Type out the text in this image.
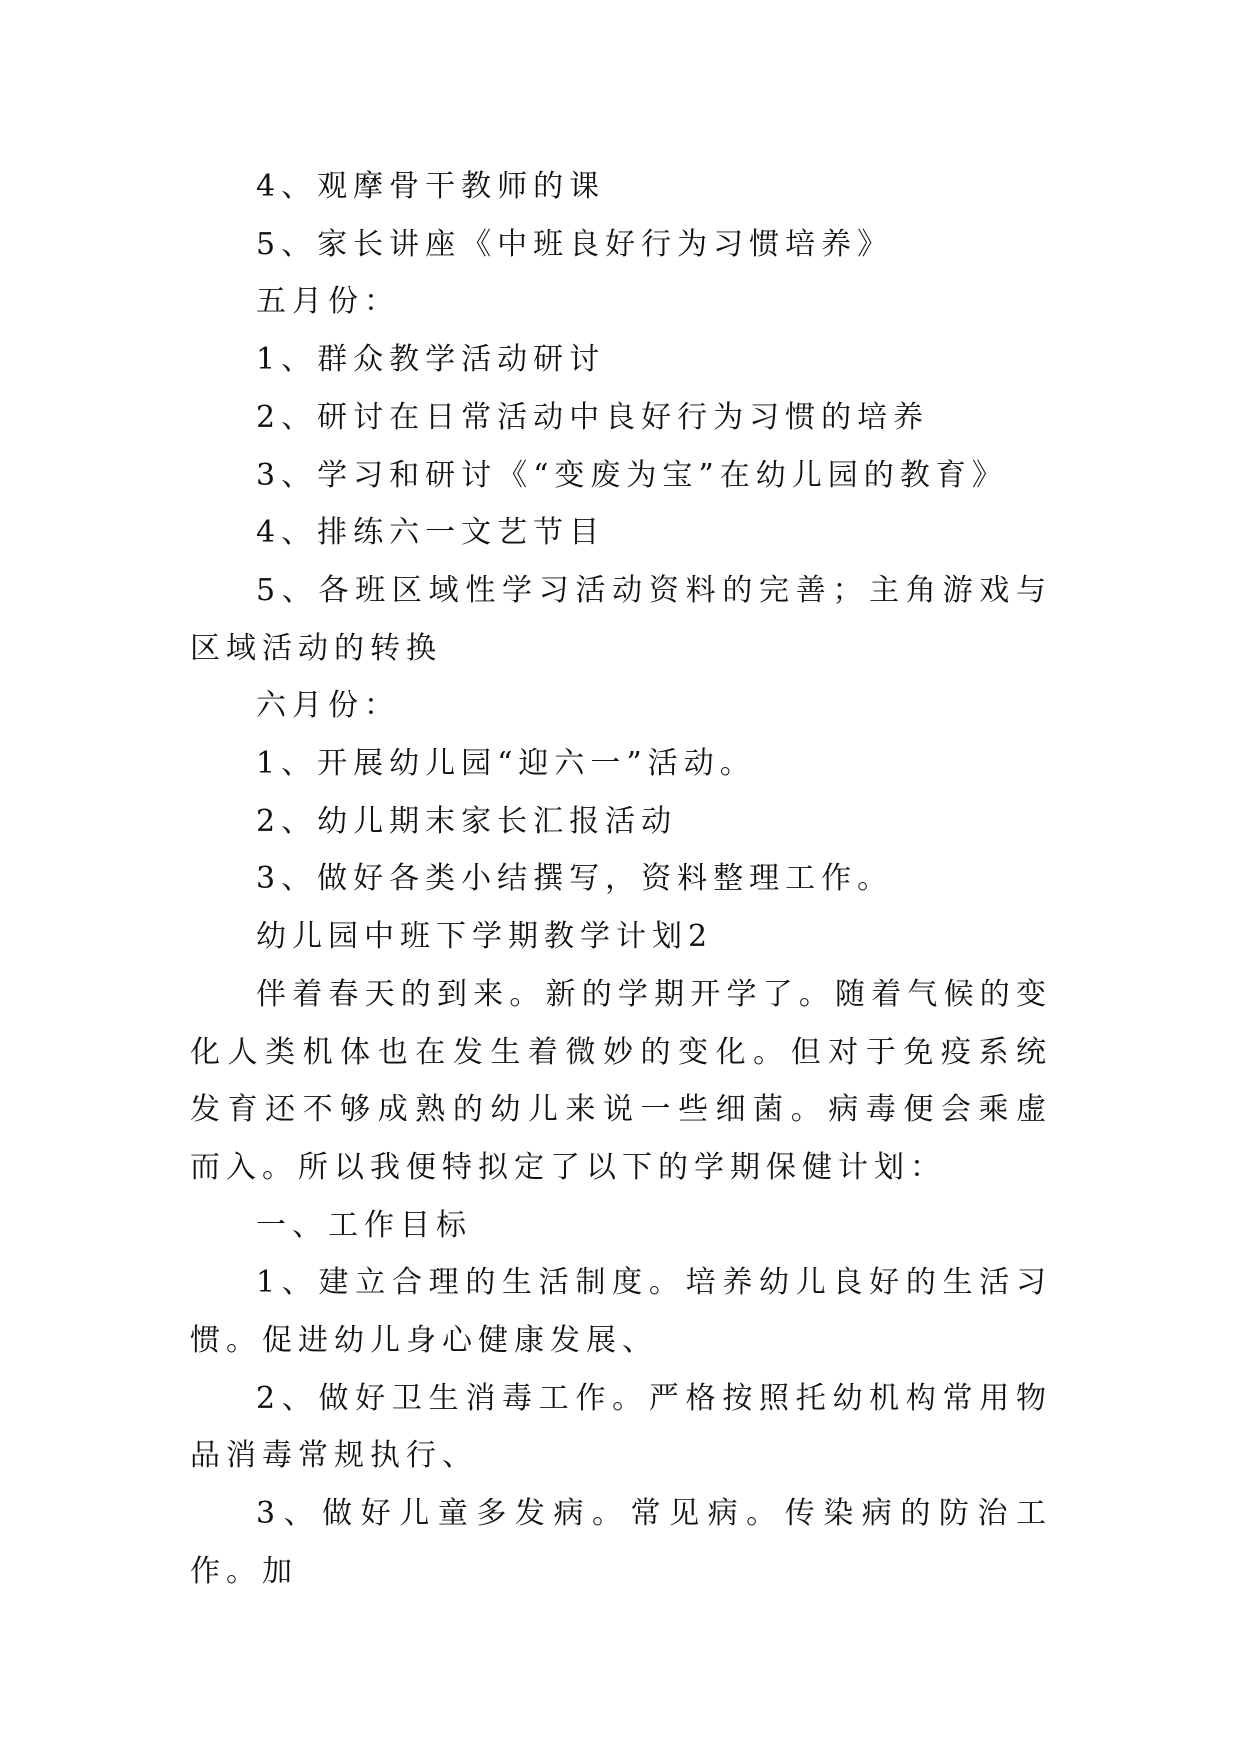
4、观摩骨干教师的课

5、家长讲座《中班良好行为习惯培养》

五月份：

1、群众教学活动研讨

2、研讨在日常活动中良好行为习惯的培养

3、学习和研讨《“变废为宝”在幼儿园的教育》

4、排练六一文艺节目

5、各班区域性学习活动资料的完善；主角游戏与区域活动的转换

六月份：

1、开展幼儿园“迎六一”活动。

2、幼儿期末家长汇报活动

3、做好各类小结撰写，资料整理工作。

幼儿园中班下学期教学计划2

伴着春天的到来。新的学期开学了。随着气候的变化人类机体也在发生着微妙的变化。但对于免疫系统发育还不够成熟的幼儿来说一些细菌。病毒便会乘虚而入。所以我便特拟定了以下的学期保健计划：

一、工作目标

1、建立合理的生活制度。培养幼儿良好的生活习惯。促进幼儿身心健康发展、

2、做好卫生消毒工作。严格按照托幼机构常用物品消毒常规执行、

3、做好儿童多发病。常见病。传染病的防治工作。加
